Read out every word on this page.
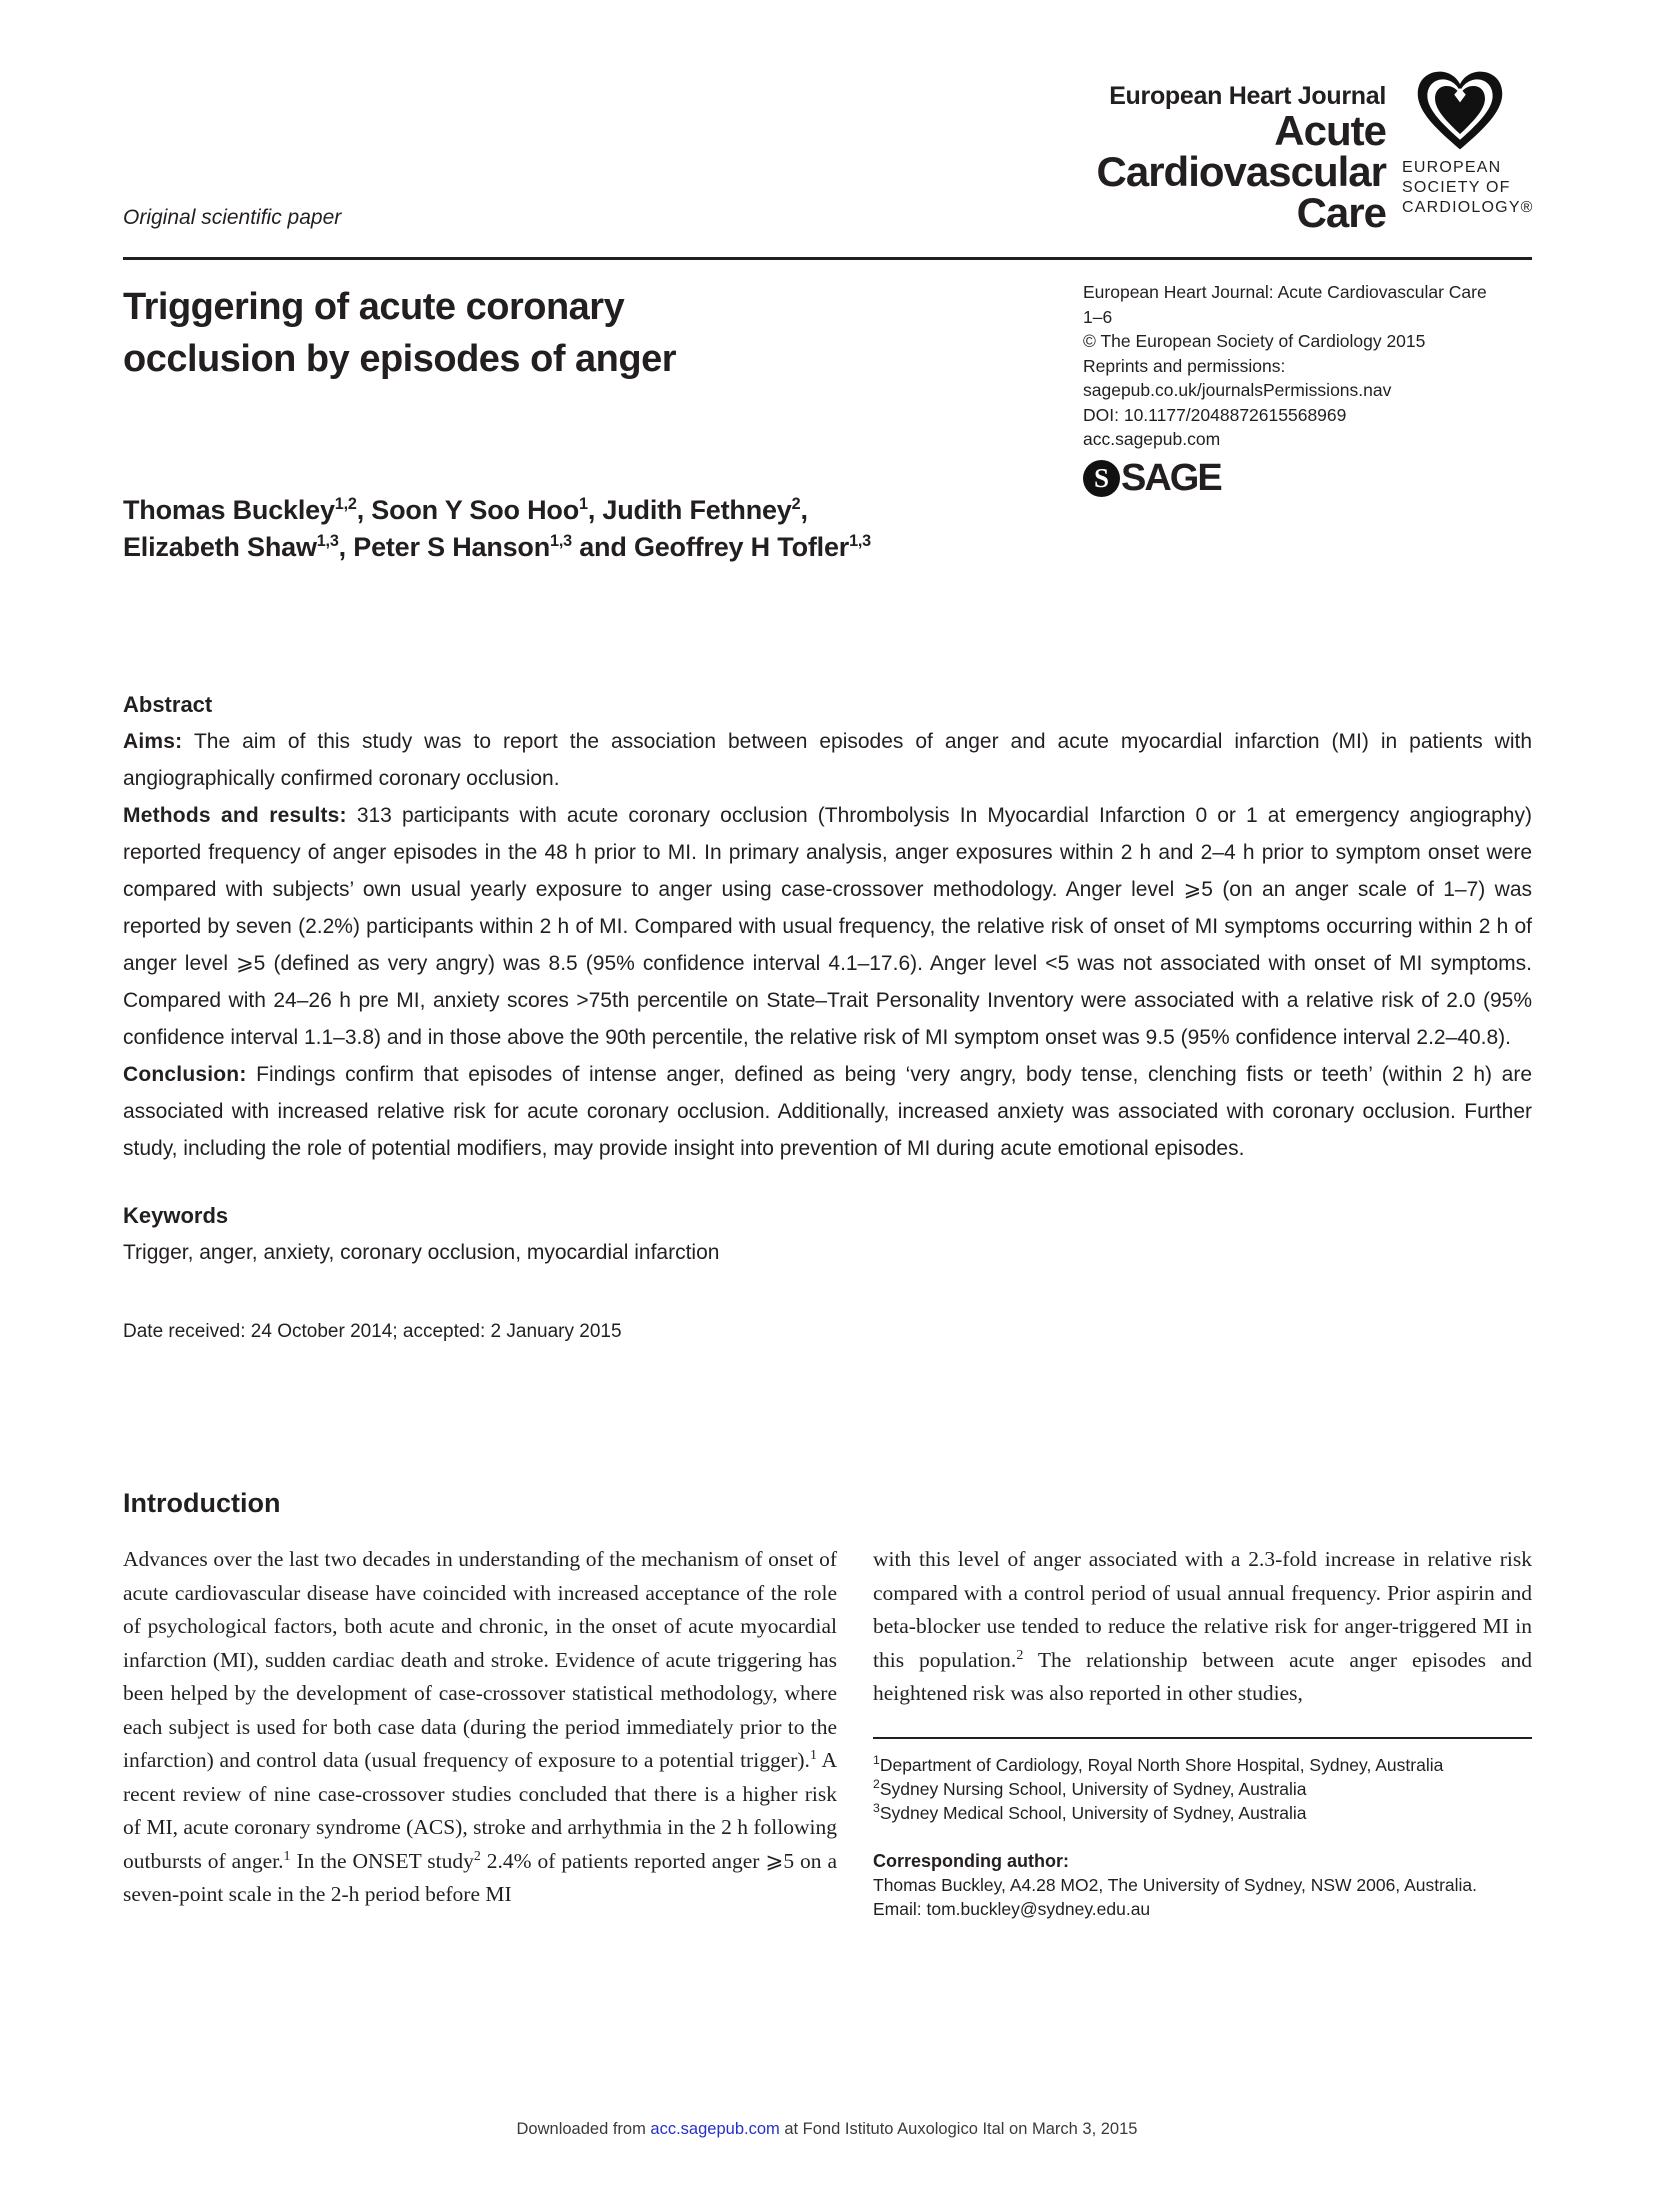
European Heart Journal
Acute
Cardiovascular
Care
EUROPEAN SOCIETY OF CARDIOLOGY®
Original scientific paper
Triggering of acute coronary occlusion by episodes of anger
European Heart Journal: Acute Cardiovascular Care
1–6
© The European Society of Cardiology 2015
Reprints and permissions:
sagepub.co.uk/journalsPermissions.nav
DOI: 10.1177/2048872615568969
acc.sagepub.com
S SAGE
Thomas Buckley$^{1,2}$, Soon Y Soo Hoo$^1$, Judith Fethney$^2$,
Elizabeth Shaw$^{1,3}$, Peter S Hanson$^{1,3}$ and Geoffrey H Tofler$^{1,3}$
Abstract

Aims: The aim of this study was to report the association between episodes of anger and acute myocardial infarction (MI) in patients with angiographically confirmed coronary occlusion.

Methods and results: 313 participants with acute coronary occlusion (Thrombolysis In Myocardial Infarction 0 or 1 at emergency angiography) reported frequency of anger episodes in the 48 h prior to MI. In primary analysis, anger exposures within 2 h and 2–4 h prior to symptom onset were compared with subjects’ own usual yearly exposure to anger using case-crossover methodology. Anger level ⩾5 (on an anger scale of 1–7) was reported by seven (2.2%) participants within 2 h of MI. Compared with usual frequency, the relative risk of onset of MI symptoms occurring within 2 h of anger level ⩾5 (defined as very angry) was 8.5 (95% confidence interval 4.1–17.6). Anger level <5 was not associated with onset of MI symptoms. Compared with 24–26 h pre MI, anxiety scores >75th percentile on State–Trait Personality Inventory were associated with a relative risk of 2.0 (95% confidence interval 1.1–3.8) and in those above the 90th percentile, the relative risk of MI symptom onset was 9.5 (95% confidence interval 2.2–40.8).

Conclusion: Findings confirm that episodes of intense anger, defined as being ‘very angry, body tense, clenching fists or teeth’ (within 2 h) are associated with increased relative risk for acute coronary occlusion. Additionally, increased anxiety was associated with coronary occlusion. Further study, including the role of potential modifiers, may provide insight into prevention of MI during acute emotional episodes.

Keywords
Trigger, anger, anxiety, coronary occlusion, myocardial infarction
Date received: 24 October 2014; accepted: 2 January 2015
Introduction

Advances over the last two decades in understanding of the mechanism of onset of acute cardiovascular disease have coincided with increased acceptance of the role of psychological factors, both acute and chronic, in the onset of acute myocardial infarction (MI), sudden cardiac death and stroke. Evidence of acute triggering has been helped by the development of case-crossover statistical methodology, where each subject is used for both case data (during the period immediately prior to the infarction) and control data (usual frequency of exposure to a potential trigger).$^1$ A recent review of nine case-crossover studies concluded that there is a higher risk of MI, acute coronary syndrome (ACS), stroke and arrhythmia in the 2 h following outbursts of anger.$^1$ In the ONSET study$^2$ 2.4% of patients reported anger ⩾5 on a seven-point scale in the 2-h period before MI

with this level of anger associated with a 2.3-fold increase in relative risk compared with a control period of usual annual frequency. Prior aspirin and beta-blocker use tended to reduce the relative risk for anger-triggered MI in this population.$^2$ The relationship between acute anger episodes and heightened risk was also reported in other studies,

$^1$Department of Cardiology, Royal North Shore Hospital, Sydney, Australia
$^2$Sydney Nursing School, University of Sydney, Australia
$^3$Sydney Medical School, University of Sydney, Australia
Corresponding author:
Thomas Buckley, A4.28 MO2, The University of Sydney, NSW 2006, Australia.
Email: tom.buckley@sydney.edu.au
Downloaded from acc.sagepub.com at Fond Istituto Auxologico Ital on March 3, 2015
